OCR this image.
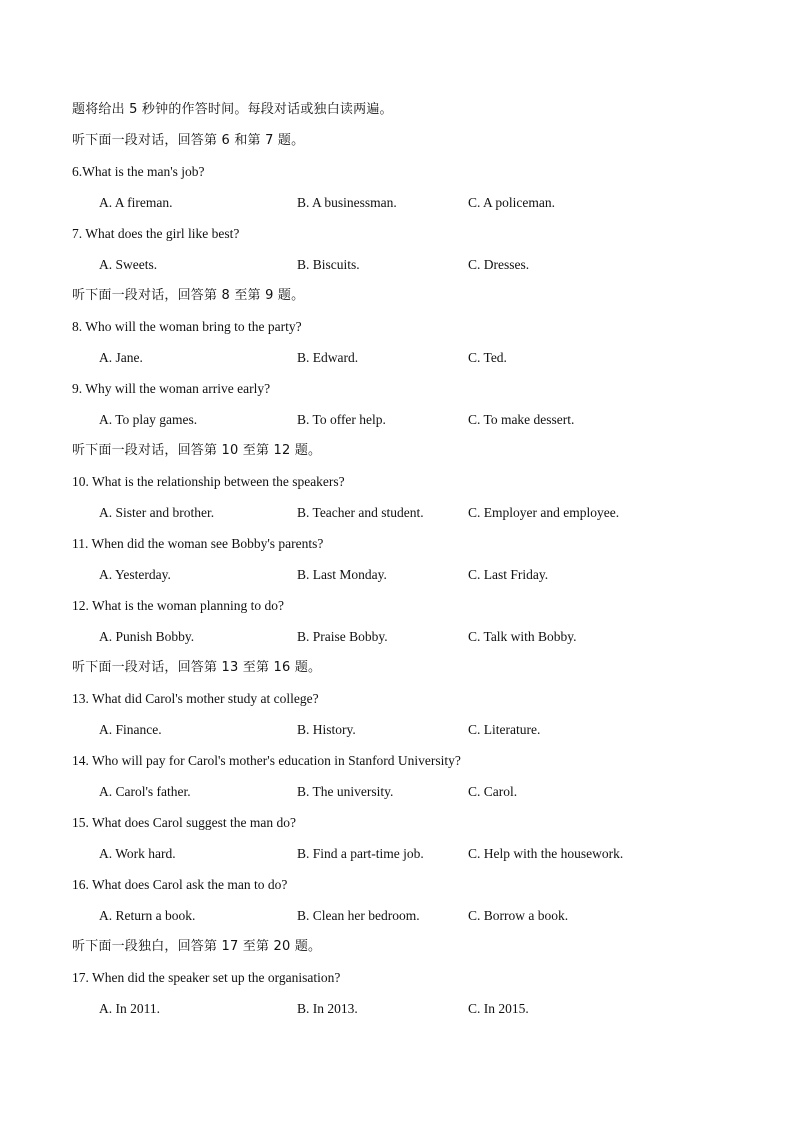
题将给出 5 秒钟的作答时间。每段对话或独白读两遍。
听下面一段对话，回答第 6 和第 7 题。
6.What is the man's job?
A. A fireman.	B. A businessman.	C. A policeman.
7. What does the girl like best?
A. Sweets.	B. Biscuits.	C. Dresses.
听下面一段对话，回答第 8 至第 9 题。
8. Who will the woman bring to the party?
A. Jane.	B. Edward.	C. Ted.
9. Why will the woman arrive early?
A. To play games.	B. To offer help.	C. To make dessert.
听下面一段对话，回答第 10 至第 12 题。
10. What is the relationship between the speakers?
A. Sister and brother.	B. Teacher and student.	C. Employer and employee.
11. When did the woman see Bobby's parents?
A. Yesterday.	B. Last Monday.	C. Last Friday.
12. What is the woman planning to do?
A. Punish Bobby.	B. Praise Bobby.	C. Talk with Bobby.
听下面一段对话，回答第 13 至第 16 题。
13. What did Carol's mother study at college?
A. Finance.	B. History.	C. Literature.
14. Who will pay for Carol's mother's education in Stanford University?
A. Carol's father.	B. The university.	C. Carol.
15. What does Carol suggest the man do?
A. Work hard.	B. Find a part-time job.	C. Help with the housework.
16. What does Carol ask the man to do?
A. Return a book.	B. Clean her bedroom.	C. Borrow a book.
听下面一段独白，回答第 17 至第 20 题。
17. When did the speaker set up the organisation?
A. In 2011.	B. In 2013.	C. In 2015.
